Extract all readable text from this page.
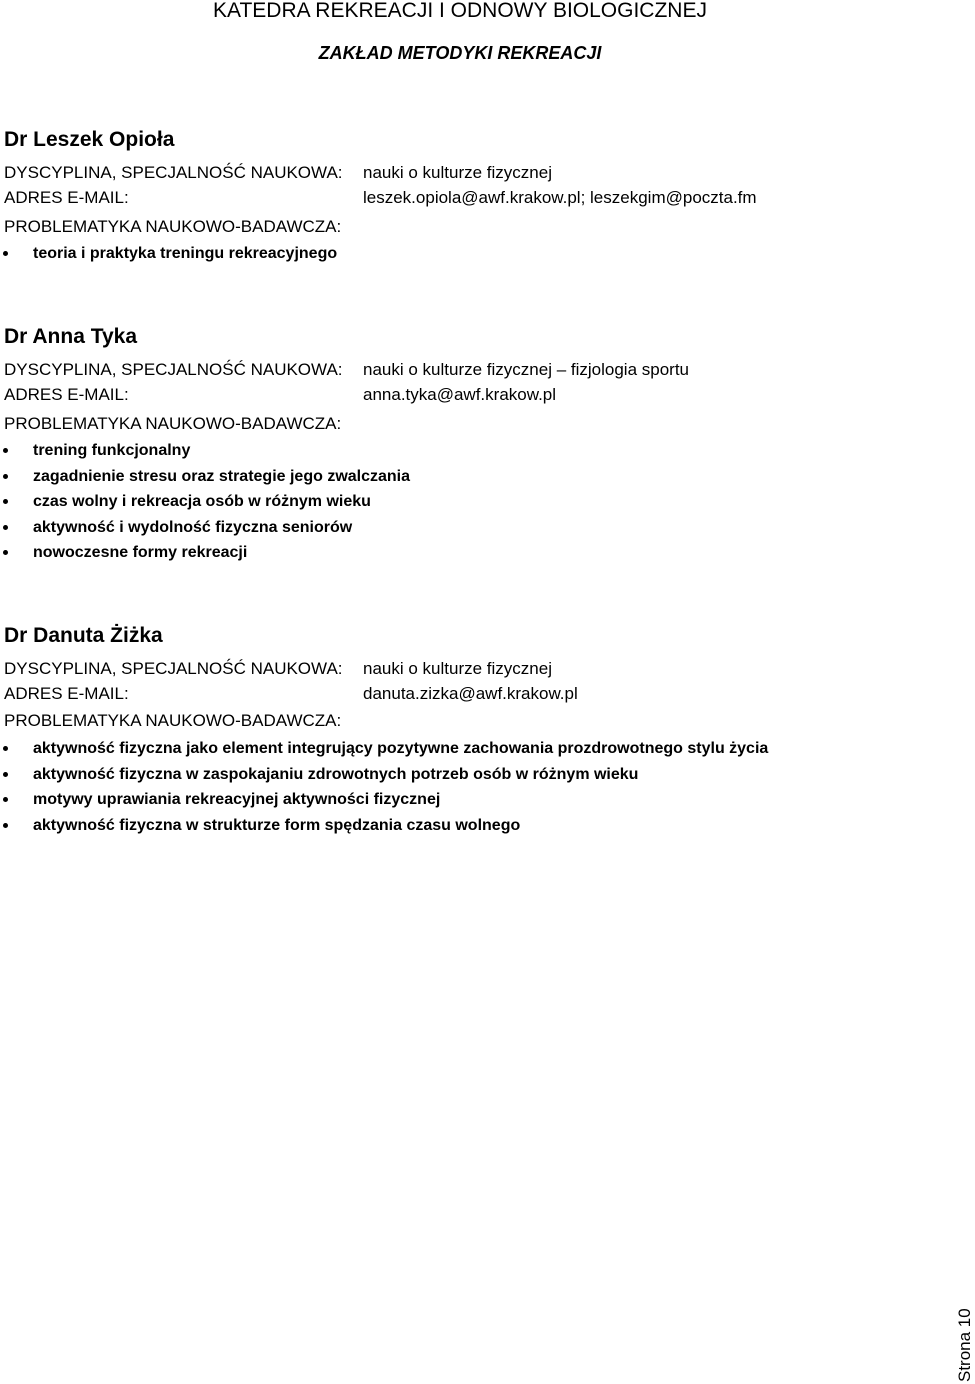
KATEDRA REKREACJI I ODNOWY BIOLOGICZNEJ
ZAKŁAD METODYKI REKREACJI
Dr Leszek Opioła
DYSCYPLINA, SPECJALNOŚĆ NAUKOWA: nauki o kulturze fizycznej
ADRES E-MAIL:	leszek.opiola@awf.krakow.pl; leszekgim@poczta.fm
PROBLEMATYKA NAUKOWO-BADAWCZA:
teoria i praktyka treningu rekreacyjnego
Dr Anna Tyka
DYSCYPLINA, SPECJALNOŚĆ NAUKOWA: nauki o kulturze fizycznej – fizjologia sportu
ADRES E-MAIL:	anna.tyka@awf.krakow.pl
PROBLEMATYKA NAUKOWO-BADAWCZA:
trening funkcjonalny
zagadnienie stresu oraz strategie jego zwalczania
czas wolny i rekreacja osób w różnym wieku
aktywność i wydolność fizyczna seniorów
nowoczesne formy rekreacji
Dr Danuta Żiżka
DYSCYPLINA, SPECJALNOŚĆ NAUKOWA: nauki o kulturze fizycznej
ADRES E-MAIL:	danuta.zizka@awf.krakow.pl
PROBLEMATYKA NAUKOWO-BADAWCZA:
aktywność fizyczna jako element integrujący pozytywne zachowania prozdrowotnego stylu życia
aktywność fizyczna w zaspokajaniu zdrowotnych potrzeb osób w różnym wieku
motywy uprawiania rekreacyjnej aktywności fizycznej
aktywność fizyczna w strukturze form spędzania czasu wolnego
Strona 10
